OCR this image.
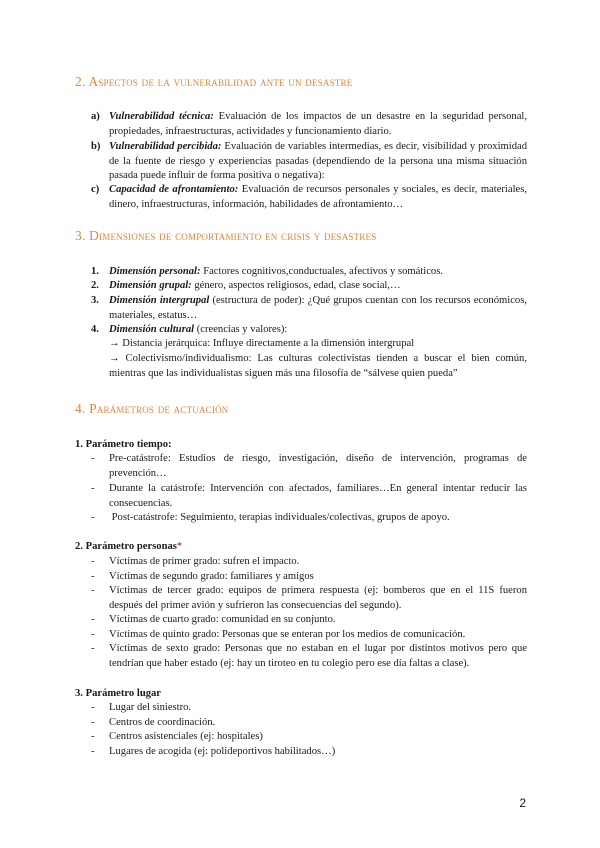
2. Aspectos de la vulnerabilidad ante un desastre
a) Vulnerabilidad técnica: Evaluación de los impactos de un desastre en la seguridad personal, propiedades, infraestructuras, actividades y funcionamiento diario.
b) Vulnerabilidad percibida: Evaluación de variables intermedias, es decir, visibilidad y proximidad de la fuente de riesgo y experiencias pasadas (dependiendo de la persona una misma situación pasada puede influir de forma positiva o negativa):
c) Capacidad de afrontamiento: Evaluación de recursos personales y sociales, es decir, materiales, dinero, infraestructuras, información, habilidades de afrontamiento…
3. Dimensiones de comportamiento en crisis y desastres
1. Dimensión personal: Factores cognitivos,conductuales, afectivos y somáticos.
2. Dimensión grupal: género, aspectos religiosos, edad, clase social,…
3. Dimensión intergrupal (estructura de poder): ¿Qué grupos cuentan con los recursos económicos, materiales, estatus…
4. Dimensión cultural (creencias y valores):
→ Distancia jerárquica: Influye directamente a la dimensión intergrupal
→ Colectivismo/individualismo: Las culturas colectivistas tienden a buscar el bien común, mientras que las individualistas siguen más una filosofía de “sálvese quien pueda”
4. Parámetros de actuación
1. Parámetro tiempo:
- Pre-catástrofe: Estudios de riesgo, investigación, diseño de intervención, programas de prevención…
- Durante la catástrofe: Intervención con afectados, familiares…En general intentar reducir las consecuencias.
- Post-catástrofe: Seguimiento, terapias individuales/colectivas, grupos de apoyo.
2. Parámetro personas*
- Víctimas de primer grado: sufren el impacto.
- Víctimas de segundo grado: familiares y amigos
- Víctimas de tercer grado: equipos de primera respuesta (ej: bomberos que en el 11S fueron después del primer avión y sufrieron las consecuencias del segundo).
- Víctimas de cuarto grado: comunidad en su conjunto.
- Víctimas de quinto grado: Personas que se enteran por los medios de comunicación.
- Víctimas de sexto grado: Personas que no estaban en el lugar por distintos motivos pero que tendrían que haber estado (ej: hay un tiroteo en tu colegio pero ese día faltas a clase).
3. Parámetro lugar
- Lugar del siniestro.
- Centros de coordinación.
- Centros asistenciales (ej: hospitales)
- Lugares de acogida (ej: polideportivos habilitados…)
2
